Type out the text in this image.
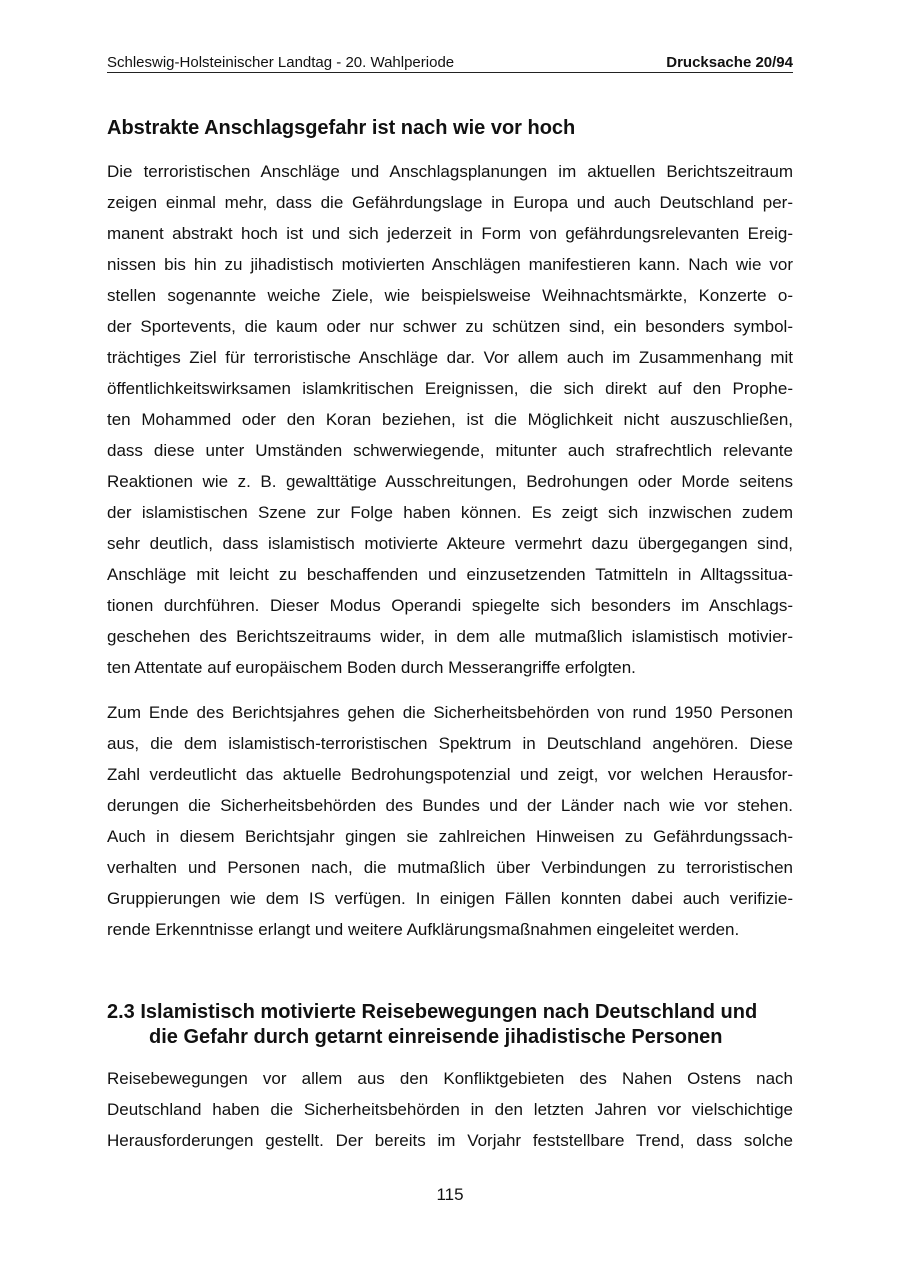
Schleswig-Holsteinischer Landtag - 20. Wahlperiode	Drucksache 20/94
Abstrakte Anschlagsgefahr ist nach wie vor hoch
Die terroristischen Anschläge und Anschlagsplanungen im aktuellen Berichtszeitraum
zeigen einmal mehr, dass die Gefährdungslage in Europa und auch Deutschland per-
manent abstrakt hoch ist und sich jederzeit in Form von gefährdungsrelevanten Ereig-
nissen bis hin zu jihadistisch motivierten Anschlägen manifestieren kann. Nach wie vor
stellen sogenannte weiche Ziele, wie beispielsweise Weihnachtsmärkte, Konzerte o-
der Sportevents, die kaum oder nur schwer zu schützen sind, ein besonders symbol-
trächtiges Ziel für terroristische Anschläge dar. Vor allem auch im Zusammenhang mit
öffentlichkeitswirksamen islamkritischen Ereignissen, die sich direkt auf den Prophe-
ten Mohammed oder den Koran beziehen, ist die Möglichkeit nicht auszuschließen,
dass diese unter Umständen schwerwiegende, mitunter auch strafrechtlich relevante
Reaktionen wie z. B. gewalttätige Ausschreitungen, Bedrohungen oder Morde seitens
der islamistischen Szene zur Folge haben können. Es zeigt sich inzwischen zudem
sehr deutlich, dass islamistisch motivierte Akteure vermehrt dazu übergegangen sind,
Anschläge mit leicht zu beschaffenden und einzusetzenden Tatmitteln in Alltagssitua-
tionen durchführen. Dieser Modus Operandi spiegelte sich besonders im Anschlags-
geschehen des Berichtszeitraums wider, in dem alle mutmaßlich islamistisch motivier-
ten Attentate auf europäischem Boden durch Messerangriffe erfolgten.
Zum Ende des Berichtsjahres gehen die Sicherheitsbehörden von rund 1950 Personen
aus, die dem islamistisch-terroristischen Spektrum in Deutschland angehören. Diese
Zahl verdeutlicht das aktuelle Bedrohungspotenzial und zeigt, vor welchen Herausfor-
derungen die Sicherheitsbehörden des Bundes und der Länder nach wie vor stehen.
Auch in diesem Berichtsjahr gingen sie zahlreichen Hinweisen zu Gefährdungssach-
verhalten und Personen nach, die mutmaßlich über Verbindungen zu terroristischen
Gruppierungen wie dem IS verfügen. In einigen Fällen konnten dabei auch verifizie-
rende Erkenntnisse erlangt und weitere Aufklärungsmaßnahmen eingeleitet werden.
2.3 Islamistisch motivierte Reisebewegungen nach Deutschland und
die Gefahr durch getarnt einreisende jihadistische Personen
Reisebewegungen vor allem aus den Konfliktgebieten des Nahen Ostens nach
Deutschland haben die Sicherheitsbehörden in den letzten Jahren vor vielschichtige
Herausforderungen gestellt. Der bereits im Vorjahr feststellbare Trend, dass solche
115
